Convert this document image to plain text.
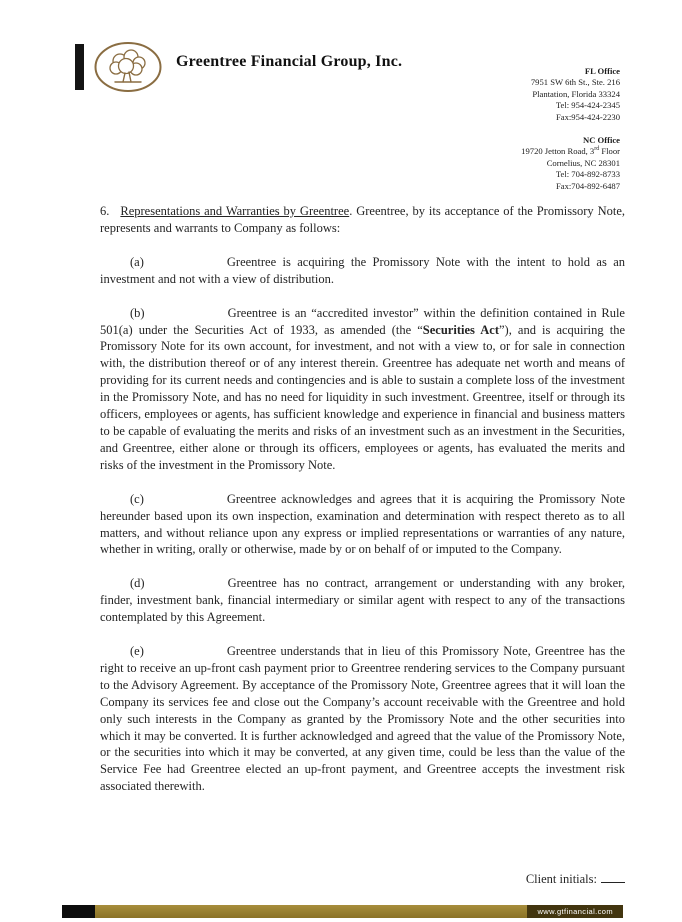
Greentree Financial Group, Inc.
FL Office
7951 SW 6th St., Ste. 216
Plantation, Florida 33324
Tel: 954-424-2345
Fax:954-424-2230
NC Office
19720 Jetton Road, 3rd Floor
Cornelius, NC 28301
Tel: 704-892-8733
Fax:704-892-6487

6. Representations and Warranties by Greentree. Greentree, by its acceptance of the Promissory Note, represents and warrants to Company as follows:

(a)	Greentree is acquiring the Promissory Note with the intent to hold as an investment and not with a view of distribution.

(b)	Greentree is an “accredited investor” within the definition contained in Rule 501(a) under the Securities Act of 1933, as amended (the “Securities Act”), and is acquiring the Promissory Note for its own account, for investment, and not with a view to, or for sale in connection with, the distribution thereof or of any interest therein. Greentree has adequate net worth and means of providing for its current needs and contingencies and is able to sustain a complete loss of the investment in the Promissory Note, and has no need for liquidity in such investment. Greentree, itself or through its officers, employees or agents, has sufficient knowledge and experience in financial and business matters to be capable of evaluating the merits and risks of an investment such as an investment in the Securities, and Greentree, either alone or through its officers, employees or agents, has evaluated the merits and risks of the investment in the Promissory Note.

(c)	Greentree acknowledges and agrees that it is acquiring the Promissory Note hereunder based upon its own inspection, examination and determination with respect thereto as to all matters, and without reliance upon any express or implied representations or warranties of any nature, whether in writing, orally or otherwise, made by or on behalf of or imputed to the Company.

(d)	Greentree has no contract, arrangement or understanding with any broker, finder, investment bank, financial intermediary or similar agent with respect to any of the transactions contemplated by this Agreement.

(e)	Greentree understands that in lieu of this Promissory Note, Greentree has the right to receive an up-front cash payment prior to Greentree rendering services to the Company pursuant to the Advisory Agreement. By acceptance of the Promissory Note, Greentree agrees that it will loan the Company its services fee and close out the Company’s account receivable with the Greentree and hold only such interests in the Company as granted by the Promissory Note and the other securities into which it may be converted. It is further acknowledged and agreed that the value of the Promissory Note, or the securities into which it may be converted, at any given time, could be less than the value of the Service Fee had Greentree elected an up-front payment, and Greentree accepts the investment risk associated therewith.

Client initials:
www.gtfinancial.com
